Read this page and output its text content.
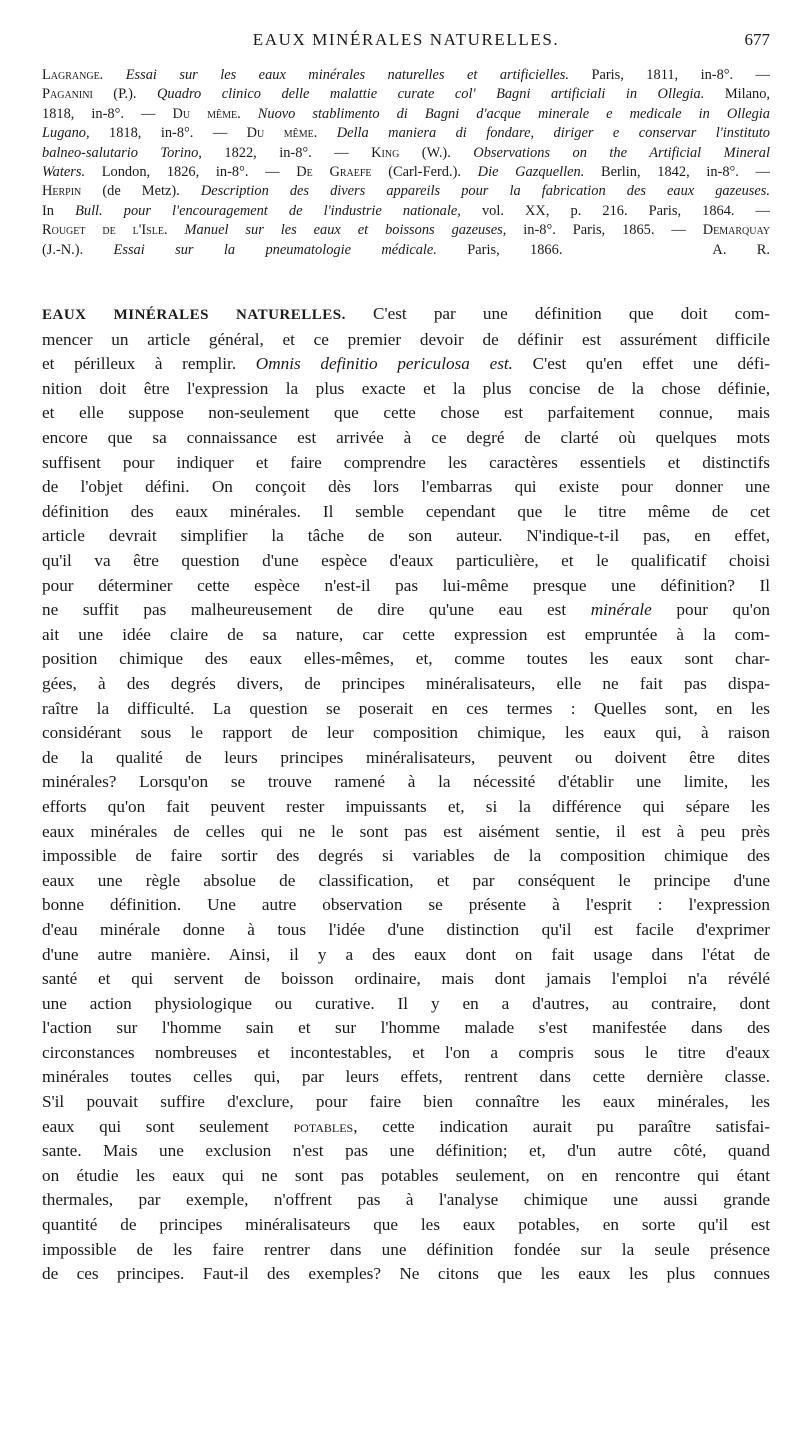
EAUX MINÉRALES NATURELLES.	677
Lagrange. Essai sur les eaux minérales naturelles et artificielles. Paris, 1811, in-8°. —
Paganini (P.). Quadro clinico delle malattie curate col' Bagni artificiali in Ollegia. Milano,
1818, in-8°. — Du même. Nuovo stablimento di Bagni d'acque minerale e medicale in Ollegia
Lugano, 1818, in-8°. — Du même. Della maniera di fondare, diriger e conservar l'instituto
balneo-salutario Torino, 1822, in-8°. — King (W.). Observations on the Artificial Mineral
Waters. London, 1826, in-8°. — De Graefe (Carl-Ferd.). Die Gazquellen. Berlin, 1842, in-8°. —
Herpin (de Metz). Description des divers appareils pour la fabrication des eaux gazeuses.
In Bull. pour l'encouragement de l'industrie nationale, vol. XX, p. 216. Paris, 1864. —
Rouget de l'Isle. Manuel sur les eaux et boissons gazeuses, in-8°. Paris, 1865. — Demarquay
(J.-N.). Essai sur la pneumatologie médicale. Paris, 1866.	A. R.
EAUX MINÉRALES NATURELLES. C'est par une définition que doit com-
mencer un article général, et ce premier devoir de définir est assurément difficile
et périlleux à remplir. Omnis definitio periculosa est. C'est qu'en effet une défi-
nition doit être l'expression la plus exacte et la plus concise de la chose définie,
et elle suppose non-seulement que cette chose est parfaitement connue, mais
encore que sa connaissance est arrivée à ce degré de clarté où quelques mots
suffisent pour indiquer et faire comprendre les caractères essentiels et distinctifs
de l'objet défini. On conçoit dès lors l'embarras qui existe pour donner une
définition des eaux minérales. Il semble cependant que le titre même de cet
article devrait simplifier la tâche de son auteur. N'indique-t-il pas, en effet,
qu'il va être question d'une espèce d'eaux particulière, et le qualificatif choisi
pour déterminer cette espèce n'est-il pas lui-même presque une définition? Il
ne suffit pas malheureusement de dire qu'une eau est minérale pour qu'on
ait une idée claire de sa nature, car cette expression est empruntée à la com-
position chimique des eaux elles-mêmes, et, comme toutes les eaux sont char-
gées, à des degrés divers, de principes minéralisateurs, elle ne fait pas dispa-
raître la difficulté. La question se poserait en ces termes : Quelles sont, en les
considérant sous le rapport de leur composition chimique, les eaux qui, à raison
de la qualité de leurs principes minéralisateurs, peuvent ou doivent être dites
minérales? Lorsqu'on se trouve ramené à la nécessité d'établir une limite, les
efforts qu'on fait peuvent rester impuissants et, si la différence qui sépare les
eaux minérales de celles qui ne le sont pas est aisément sentie, il est à peu près
impossible de faire sortir des degrés si variables de la composition chimique des
eaux une règle absolue de classification, et par conséquent le principe d'une
bonne définition. Une autre observation se présente à l'esprit : l'expression
d'eau minérale donne à tous l'idée d'une distinction qu'il est facile d'exprimer
d'une autre manière. Ainsi, il y a des eaux dont on fait usage dans l'état de
santé et qui servent de boisson ordinaire, mais dont jamais l'emploi n'a révélé
une action physiologique ou curative. Il y en a d'autres, au contraire, dont
l'action sur l'homme sain et sur l'homme malade s'est manifestée dans des
circonstances nombreuses et incontestables, et l'on a compris sous le titre d'eaux
minérales toutes celles qui, par leurs effets, rentrent dans cette dernière classe.
S'il pouvait suffire d'exclure, pour faire bien connaître les eaux minérales, les
eaux qui sont seulement potables, cette indication aurait pu paraître satisfai-
sante. Mais une exclusion n'est pas une définition; et, d'un autre côté, quand
on étudie les eaux qui ne sont pas potables seulement, on en rencontre qui étant
thermales, par exemple, n'offrent pas à l'analyse chimique une aussi grande
quantité de principes minéralisateurs que les eaux potables, en sorte qu'il est
impossible de les faire rentrer dans une définition fondée sur la seule présence
de ces principes. Faut-il des exemples? Ne citons que les eaux les plus connues
